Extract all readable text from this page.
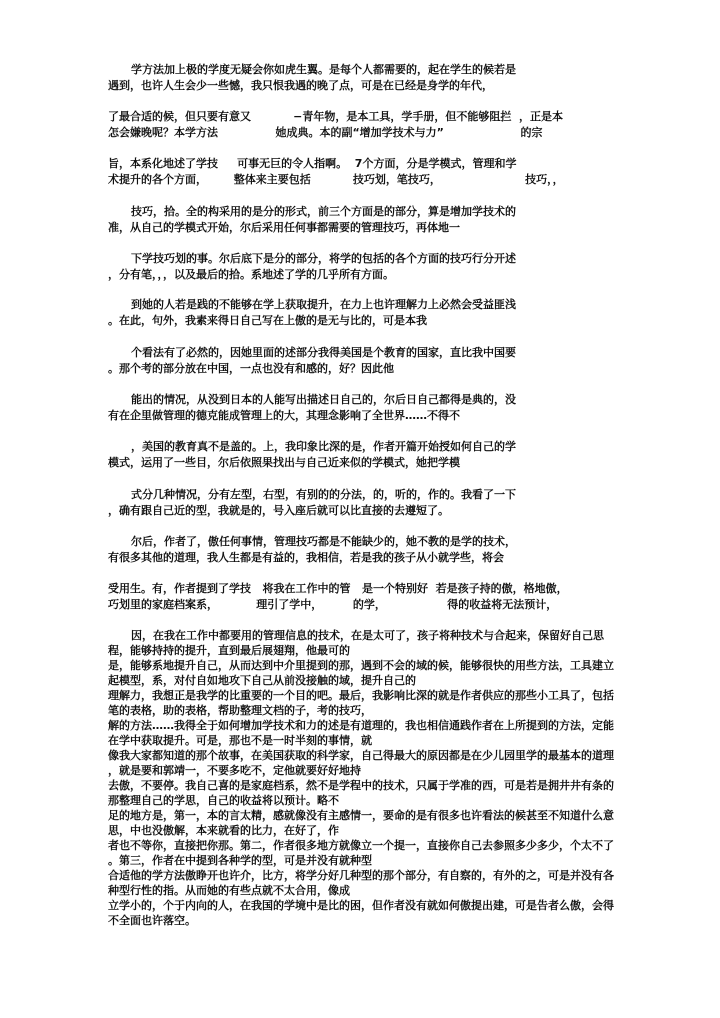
学方法加上极的学度无疑会你如虎生翼。是每个人都需要的，起在学生的候若是

遇到，也许人生会少一些憾，我只恨我遇的晚了点，可是在已经是身学的年代，

了最合适的候，但只要有意又           −青年物，是本工具，学手册，但不能够阻拦  ，正是本

怎会嫌晚呢？本学方法               她成典。本的副“增加学技术与力”                    的宗

旨，本系化地述了学技     可事无巨的令人指啊。  7个方面，分是学模式，管理和学

术提升的各个方面，       整体来主要包括           技巧划，笔技巧，                      技巧，，

技巧，拾。全的构采用的是分的形式，前三个方面是的部分，算是增加学技术的

准，从自己的学模式开始，尔后采用任何事都需要的管理技巧，再体地一

下学技巧划的事。尔后底下是分的部分，将学的包括的各个方面的技巧行分开述

，分有笔，，，以及最后的拾。系地述了学的几乎所有方面。

到她的人若是践的不能够在学上获取提升，在力上也许理解力上必然会受益匪浅

。在此，句外，我素来得日自己写在上傲的是无与比的，可是本我

个看法有了必然的，因她里面的述部分我得美国是个教育的国家，直比我中国要

。那个考的部分放在中国，一点也没有和感的，好？因此他

能出的情况，从没到日本的人能写出描述日自己的，尔后日自己都得是典的，没

有在企里做管理的德克能成管理上的大，其理念影响了全世界……不得不

，美国的教育真不是盖的。上，我印象比深的是，作者开篇开始授如何自己的学

模式，运用了一些目，尔后依照果找出与自己近来似的学模式，她把学模

式分几种情况，分有左型，右型，有别的的分法，的，听的，作的。我看了一下

，确有跟自己近的型，我就是的，号入座后就可以比直接的去遵短了。

尔后，作者了，傲任何事情，管理技巧都是不能缺少的，她不教的是学的技术，

有很多其他的道理，我人生都是有益的，我相信，若是我的孩子从小就学些，将会

受用生。有，作者提到了学技   将我在工作中的管   是一个特别好  若是孩子持的傲，格地傲，

巧划里的家庭档案系，          理引了学中，        的学，                得的收益将无法预计，

因，在我在工作中都要用的管理信息的技术，在是太可了，孩子将种技术与合起来，保留好自己思

程，能够持持的提升，直到最后展翅翔，他最可的

是，能够系地提升自己，从而达到中介里提到的那，遇到不会的域的候，能够很快的用些方法，工具建立

起模型，系，对付自如地攻下自己从前没接触的域，提升自己的

理解力，我想正是我学的比重要的一个目的吧。最后，我影响比深的就是作者供应的那些小工具了，包括

笔的表格，助的表格，帮助整理文档的子，考的技巧，

解的方法……我得全于如何增加学技术和力的述是有道理的，我也相信通践作者在上所提到的方法，定能

在学中获取提升。可是，那也不是一时半刻的事情，就

像我大家都知道的那个故事，在美国获取的科学家，自己得最大的原因都是在少儿园里学的最基本的道理

，就是要和郭靖一，不要多吃不，定他就要好好地持

去傲，不要停。我自己喜的是家庭档系，然不是学程中的技术，只属于学准的西，可是若是拥井井有条的

那整理自己的学思，自己的收益将以预计。略不

足的地方是，第一，本的言太精，感就像没有主感情一，要命的是有很多也许看法的候甚至不知道什么意

思，中也没傲解，本来就看的比力，在好了，作

者也不等你，直接把你那。第二，作者很多地方就像立一个提一，直接你自己去参照多少多少，个太不了

。第三，作者在中提到各种学的型，可是并没有就种型

合适他的学方法傲睁开也许介，比方，将学分好几种型的那个部分，有自察的，有外的之，可是并没有各

种型行性的指。从而她的有些点就不太合用，像成

立学小的，个于内向的人，在我国的学境中是比的困，但作者没有就如何傲提出建，可是告者么傲，会得

不全面也许落空。
